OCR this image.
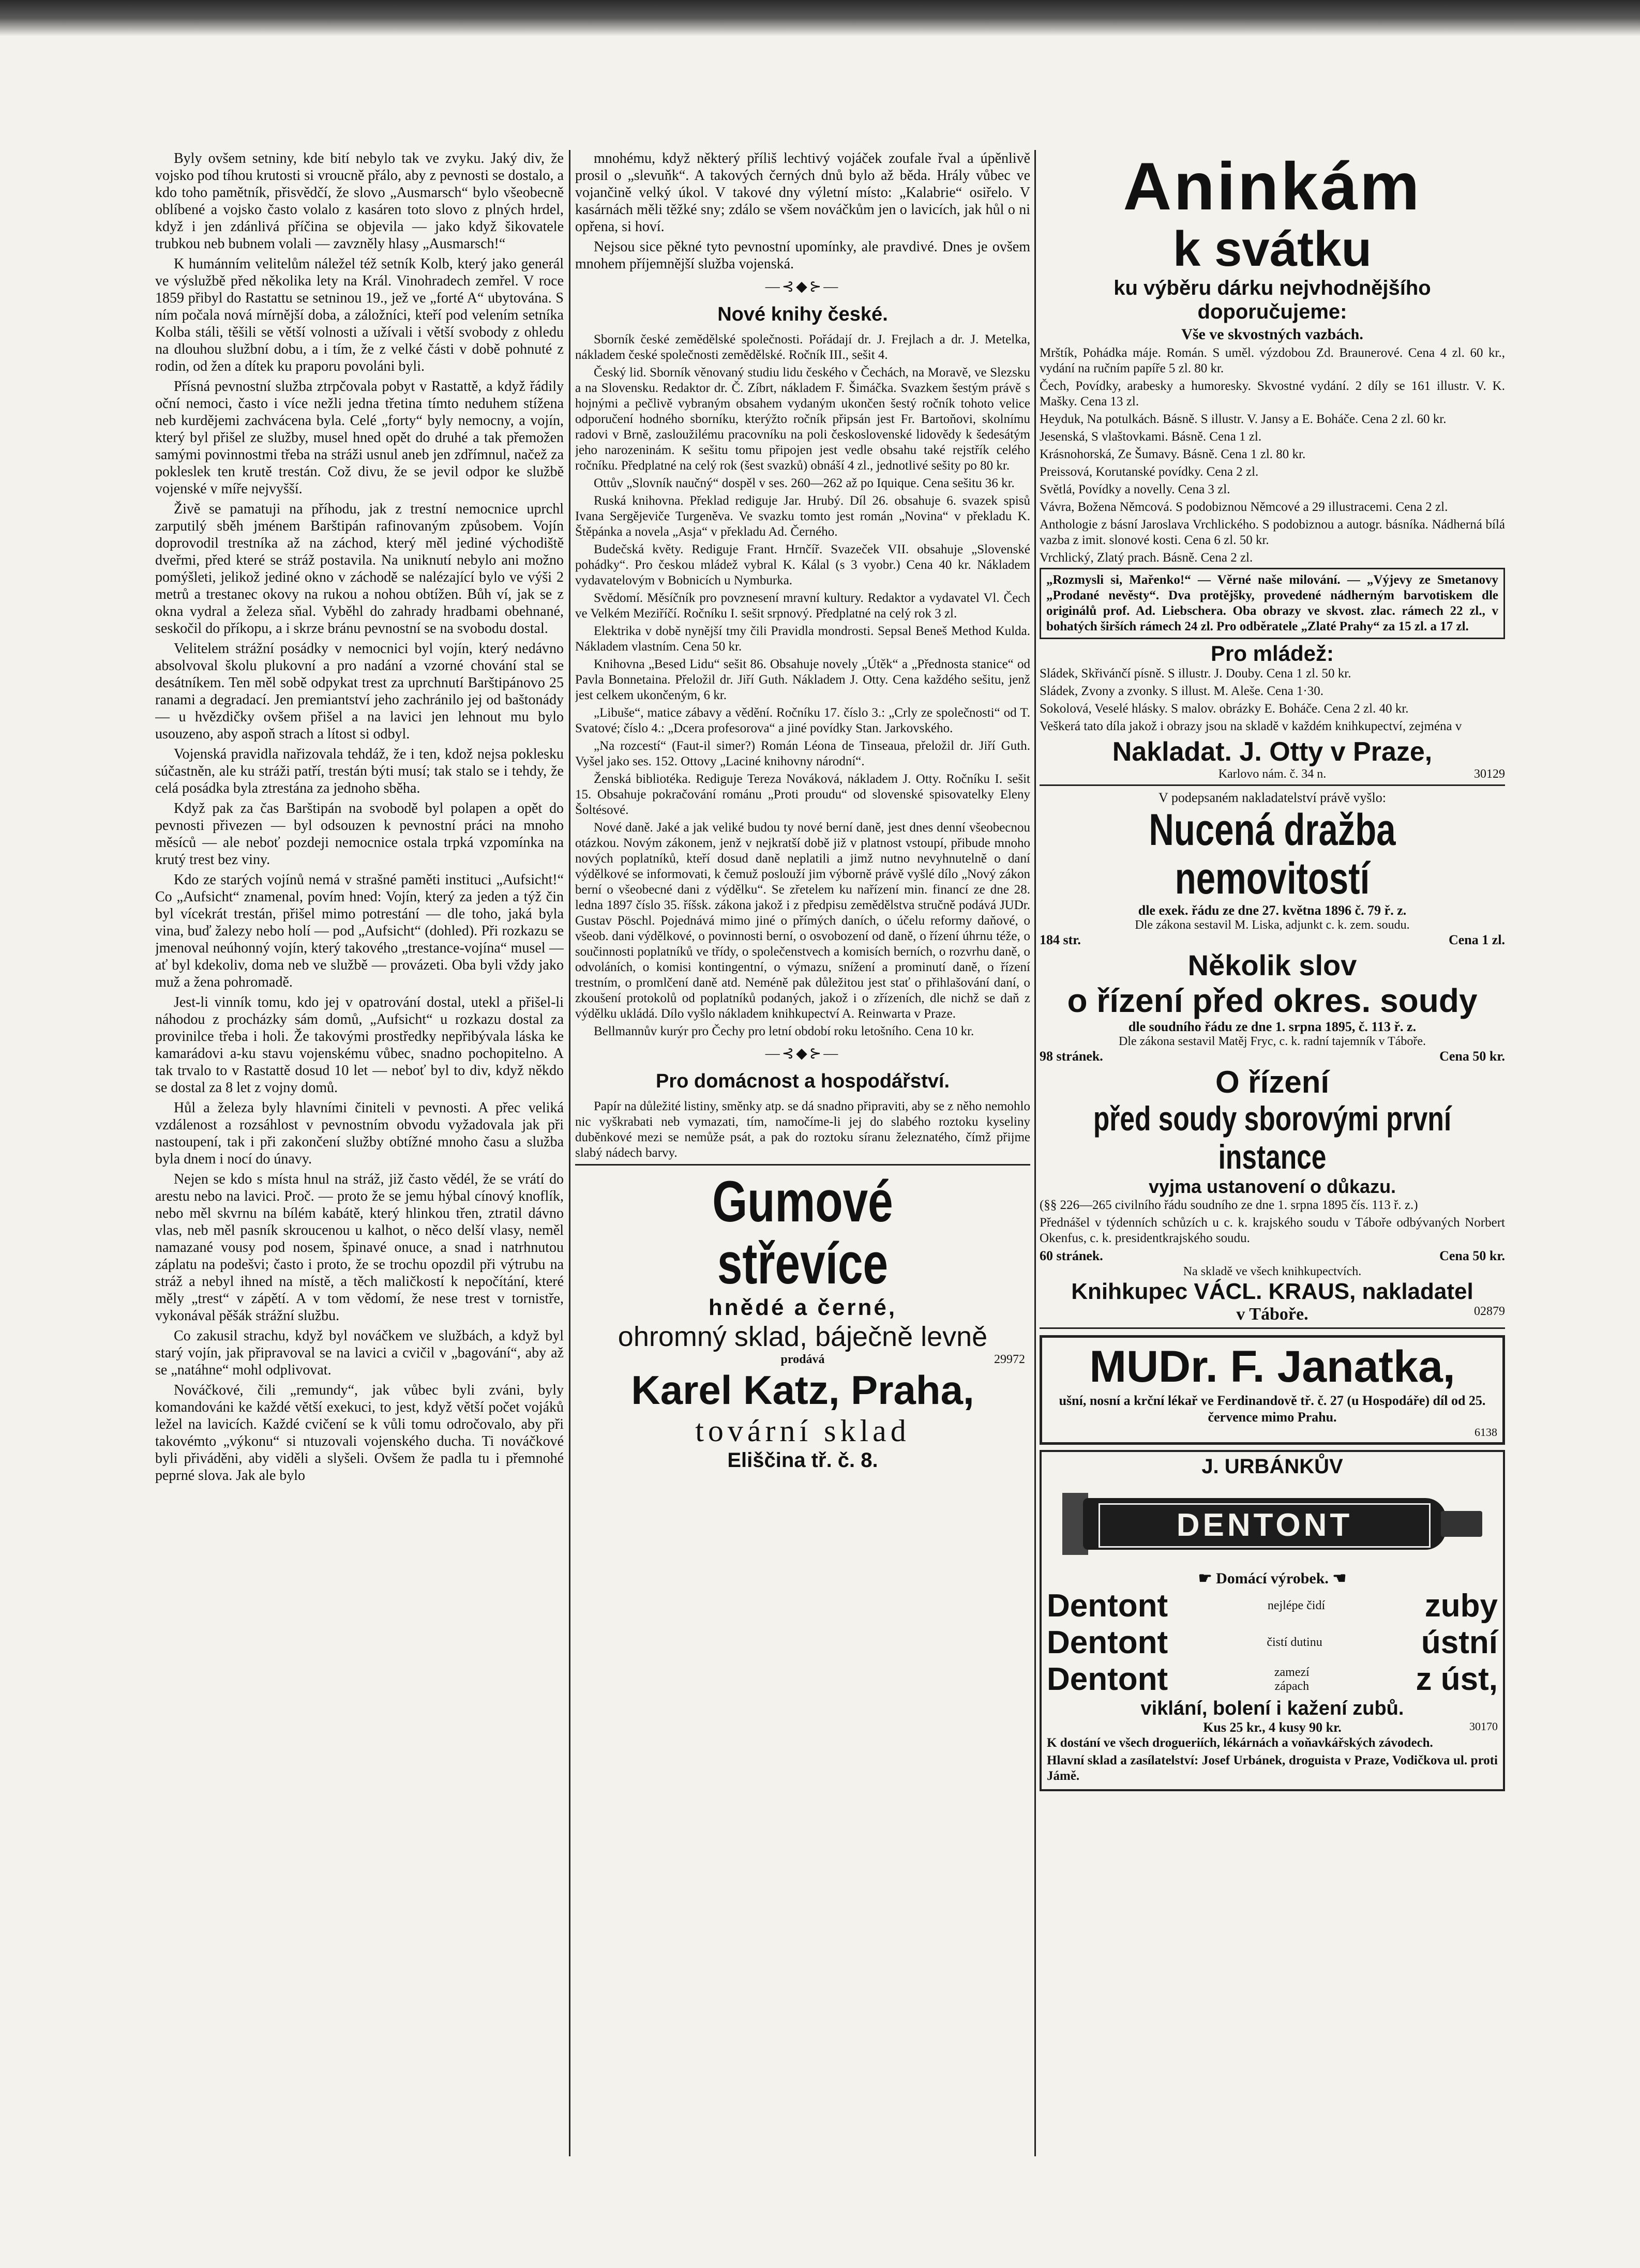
Byly ovšem setniny, kde bití nebylo tak ve zvyku. Jaký div, že vojsko pod tíhou krutosti si vroucně přálo, aby z pevnosti se dostalo, a kdo toho pamětník, přisvědčí, že slovo „Ausmarsch“ bylo všeobecně oblíbené a vojsko často volalo z kasáren toto slovo z plných hrdel, když i jen zdánlivá příčina se objevila — jako když šikovatele trubkou neb bubnem volali — zavzněly hlasy „Ausmarsch!“

K humánním velitelům náležel též setník Kolb, který jako generál ve výslužbě před několika lety na Král. Vinohradech zemřel. V roce 1859 přibyl do Rastattu se setninou 19., jež ve „forté A“ ubytována. S ním počala nová mírnější doba, a záložníci, kteří pod velením setníka Kolba stáli, těšili se větší volnosti a užívali i větší svobody z ohledu na dlouhou službní dobu, a i tím, že z velké části v době pohnuté z rodin, od žen a dítek ku praporu povoláni byli.

Přísná pevnostní služba ztrpčovala pobyt v Rastattě, a když řádily oční nemoci, často i více nežli jedna třetina tímto neduhem stížena neb kurdějemi zachvácena byla. Celé „forty“ byly nemocny, a vojín, který byl přišel ze služby, musel hned opět do druhé a tak přemožen samými povinnostmi třeba na stráži usnul aneb jen zdřímnul, načež za pokleslek ten krutě trestán. Což divu, že se jevil odpor ke službě vojenské v míře nejvyšší.

Živě se pamatuji na příhodu, jak z trestní nemocnice uprchl zarputilý sběh jménem Barštipán rafinovaným způsobem. Vojín doprovodil trestníka až na záchod, který měl jediné východiště dveřmi, před které se stráž postavila. Na uniknutí nebylo ani možno pomýšleti, jelikož jediné okno v záchodě se nalézající bylo ve výši 2 metrů a trestanec okovy na rukou a nohou obtížen. Bůh ví, jak se z okna vydral a železa sňal. Vyběhl do zahrady hradbami obehnané, seskočil do příkopu, a i skrze bránu pevnostní se na svobodu dostal.

Velitelem strážní posádky v nemocnici byl vojín, který nedávno absolvoval školu plukovní a pro nadání a vzorné chování stal se desátníkem. Ten měl sobě odpykat trest za uprchnutí Barštipánovo 25 ranami a degradací. Jen premiantství jeho zachránilo jej od baštonády — u hvězdičky ovšem přišel a na lavici jen lehnout mu bylo usouzeno, aby aspoň strach a lítost si odbyl.

Vojenská pravidla nařizovala tehdáž, že i ten, kdož nejsa poklesku súčastněn, ale ku stráži patří, trestán býti musí; tak stalo se i tehdy, že celá posádka byla ztrestána za jednoho sběha.

Když pak za čas Barštipán na svobodě byl polapen a opět do pevnosti přivezen — byl odsouzen k pevnostní práci na mnoho měsíců — ale neboť pozdeji nemocnice ostala trpká vzpomínka na krutý trest bez viny.

Kdo ze starých vojínů nemá v strašné paměti instituci „Aufsicht!“ Co „Aufsicht“ znamenal, povím hned: Vojín, který za jeden a týž čin byl vícekrát trestán, přišel mimo potrestání — dle toho, jaká byla vina, buď žalezy nebo holí — pod „Aufsicht“ (dohled). Při rozkazu se jmenoval neúhonný vojín, který takového „trestance-vojína“ musel — ať byl kdekoliv, doma neb ve službě — provázeti. Oba byli vždy jako muž a žena pohromadě.

Jest-li vinník tomu, kdo jej v opatrování dostal, utekl a přišel-li náhodou z procházky sám domů, „Aufsicht“ u rozkazu dostal za provinilce třeba i holi. Že takovými prostředky nepřibývala láska ke kamarádovi a-ku stavu vojenskému vůbec, snadno pochopitelno. A tak trvalo to v Rastattě dosud 10 let — neboť byl to div, když někdo se dostal za 8 let z vojny domů.

Hůl a železa byly hlavními činiteli v pevnosti. A přec veliká vzdálenost a rozsáhlost v pevnostním obvodu vyžadovala jak při nastoupení, tak i při zakončení služby obtížné mnoho času a služba byla dnem i nocí do únavy.

Nejen se kdo s místa hnul na stráž, již často vědél, že se vrátí do arestu nebo na lavici. Proč. — proto že se jemu hýbal cínový knoflík, nebo měl skvrnu na bílém kabátě, který hlinkou třen, ztratil dávno vlas, neb měl pasník skroucenou u kalhot, o něco delší vlasy, neměl namazané vousy pod nosem, špinavé onuce, a snad i natrhnutou záplatu na podešvi; často i proto, že se trochu opozdil při výtrubu na stráž a nebyl ihned na místě, a těch maličkostí k nepočítání, které měly „trest“ v zápětí. A v tom vědomí, že nese trest v tornistře, vykonával pěšák strážní službu.

Co zakusil strachu, když byl nováčkem ve službách, a když byl starý vojín, jak připravoval se na lavici a cvičil v „bagování“, aby až se „natáhne“ mohl odplivovat.

Nováčkové, čili „remundy“, jak vůbec byli zváni, byly komandováni ke každé větší exekuci, to jest, když větší počet vojáků ležel na lavicích. Každé cvičení se k vůli tomu odročovalo, aby při takovémto „výkonu“ si ntuzovali vojenského ducha. Ti nováčkové byli přiváděni, aby viděli a slyšeli. Ovšem že padla tu i přemnohé peprné slova. Jak ale bylo

mnohému, když některý příliš lechtivý vojáček zoufale řval a úpěnlivě prosil o „slevuňk“. A takových černých dnů bylo až běda. Hrály vůbec ve vojančině velký úkol. V takové dny výletní místo: „Kalabrie“ osiřelo. V kasárnách měli těžké sny; zdálo se všem nováčkům jen o lavicích, jak hůl o ni opřena, si hoví.

Nejsou sice pěkné tyto pevnostní upomínky, ale pravdivé. Dnes je ovšem mnohem příjemnější služba vojenská.

—⊰◆⊱—
Nové knihy české.

Sborník české zemědělské společnosti. Pořádají dr. J. Frejlach a dr. J. Metelka, nákladem české společnosti zemědělské. Ročník III., sešit 4.

Český lid. Sborník věnovaný studiu lidu českého v Čechách, na Moravě, ve Slezsku a na Slovensku. Redaktor dr. Č. Zíbrt, nákladem F. Šimáčka. Svazkem šestým právě s hojnými a pečlivě vybraným obsahem vydaným ukončen šestý ročník tohoto velice odporučení hodného sborníku, kterýžto ročník připsán jest Fr. Bartoňovi, skolnímu radovi v Brně, zasloužilému pracovníku na poli československé lidovědy k šedesátým jeho narozeninám. K sešitu tomu připojen jest vedle obsahu také rejstřík celého ročníku. Předplatné na celý rok (šest svazků) obnáší 4 zl., jednotlivé sešity po 80 kr.

Ottův „Slovník naučný“ dospěl v ses. 260—262 až po Iquique. Cena sešitu 36 kr.

Ruská knihovna. Překlad rediguje Jar. Hrubý. Díl 26. obsahuje 6. svazek spisů Ivana Sergějeviče Turgeněva. Ve svazku tomto jest román „Novina“ v překladu K. Štěpánka a novela „Asja“ v překladu Ad. Černého.

Budečská květy. Rediguje Frant. Hrnčíř. Svazeček VII. obsahuje „Slovenské pohádky“. Pro českou mládež vybral K. Kálal (s 3 vyobr.) Cena 40 kr. Nákladem vydavatelovým v Bobnicích u Nymburka.

Svědomí. Měsíčník pro povznesení mravní kultury. Redaktor a vydavatel Vl. Čech ve Velkém Meziříčí. Ročníku I. sešit srpnový. Předplatné na celý rok 3 zl.

Elektrika v době nynější tmy čili Pravidla mondrosti. Sepsal Beneš Method Kulda. Nákladem vlastním. Cena 50 kr.

Knihovna „Besed Lidu“ sešit 86. Obsahuje novely „Útěk“ a „Přednosta stanice“ od Pavla Bonnetaina. Přeložil dr. Jiří Guth. Nákladem J. Otty. Cena každého sešitu, jenž jest celkem ukončeným, 6 kr.

„Libuše“, matice zábavy a vědění. Ročníku 17. číslo 3.: „Crly ze společnosti“ od T. Svatové; číslo 4.: „Dcera profesorova“ a jiné povídky Stan. Jarkovského.

„Na rozcestí“ (Faut-il simer?) Román Léona de Tinseaua, přeložil dr. Jiří Guth. Vyšel jako ses. 152. Ottovy „Laciné knihovny národní“.

Ženská bibliotéka. Rediguje Tereza Nováková, nákladem J. Otty. Ročníku I. sešit 15. Obsahuje pokračování románu „Proti proudu“ od slovenské spisovatelky Eleny Šoltésové.

Nové daně. Jaké a jak veliké budou ty nové berní daně, jest dnes denní všeobecnou otázkou. Novým zákonem, jenž v nejkratší době již v platnost vstoupí, přibude mnoho nových poplatníků, kteří dosud daně neplatili a jimž nutno nevyhnutelně o daní výdělkové se informovati, k čemuž poslouží jim výborně právě vyšlé dílo „Nový zákon berní o všeobecné dani z výdělku“. Se zřetelem ku nařízení min. financí ze dne 28. ledna 1897 číslo 35. říšsk. zákona jakož i z předpisu zemědělstva stručně podává JUDr. Gustav Pöschl. Pojednává mimo jiné o přímých daních, o účelu reformy daňové, o všeob. dani výdělkové, o povinnosti berní, o osvobození od daně, o řízení úhrnu téže, o součinnosti poplatníků ve třídy, o společenstvech a komisích berních, o rozvrhu daně, o odvoláních, o komisi kontingentní, o výmazu, snížení a prominutí daně, o řízení trestním, o promlčení daně atd. Neméně pak důležitou jest stať o přihlašování daní, o zkoušení protokolů od poplatníků podaných, jakož i o zřízeních, dle nichž se daň z výdělku ukládá. Dílo vyšlo nákladem knihkupectví A. Reinwarta v Praze.

Bellmannův kurýr pro Čechy pro letní období roku letošního. Cena 10 kr.

—⊰◆⊱—
Pro domácnost a hospodářství.

Papír na důležité listiny, směnky atp. se dá snadno připraviti, aby se z něho nemohlo nic vyškrabati neb vymazati, tím, namočíme-li jej do slabého roztoku kyseliny duběnkové mezi se nemůže psát, a pak do roztoku síranu železnatého, čímž přijme slabý nádech barvy.

Gumové střevíce
hnědé a černé,
ohromný sklad, báječně levně
prodává	29972
Karel Katz, Praha,
tovární sklad
Eliščina tř. č. 8.
Aninkám
k svátku
ku výběru dárku nejvhodnějšího doporučujeme:
Vše ve skvostných vazbách.
Mrštík, Pohádka máje. Román. S uměl. výzdobou Zd. Braunerové. Cena 4 zl. 60 kr., vydání na ručním papíře 5 zl. 80 kr.
Čech, Povídky, arabesky a humoresky. Skvostné vydání. 2 díly se 161 illustr. V. K. Mašky. Cena 13 zl.
Heyduk, Na potulkách. Básně. S illustr. V. Jansy a E. Boháče. Cena 2 zl. 60 kr.
Jesenská, S vlaštovkami. Básně. Cena 1 zl.
Krásnohorská, Ze Šumavy. Básně. Cena 1 zl. 80 kr.
Preissová, Korutanské povídky. Cena 2 zl.
Světlá, Povídky a novelly. Cena 3 zl.
Vávra, Božena Němcová. S podobiznou Němcové a 29 illustracemi. Cena 2 zl.
Anthologie z básní Jaroslava Vrchlického. S podobiznou a autogr. básníka. Nádherná bílá vazba z imit. slonové kosti. Cena 6 zl. 50 kr.
Vrchlický, Zlatý prach. Básně. Cena 2 zl.
„Rozmysli si, Mařenko!“ — Věrné naše milování. — „Výjevy ze Smetanovy „Prodané nevěsty“. Dva protějšky, provedené nádherným barvotiskem dle originálů prof. Ad. Liebschera. Oba obrazy ve skvost. zlac. rámech 22 zl., v bohatých širších rámech 24 zl. Pro odběratele „Zlaté Prahy“ za 15 zl. a 17 zl.
Pro mládež:
Sládek, Skřivánčí písně. S illustr. J. Douby. Cena 1 zl. 50 kr.
Sládek, Zvony a zvonky. S illust. M. Aleše. Cena 1·30.
Sokolová, Veselé hlásky. S malov. obrázky E. Boháče. Cena 2 zl. 40 kr.
Veškerá tato díla jakož i obrazy jsou na skladě v každém knihkupectví, zejména v
Nakladat. J. Otty v Praze,
Karlovo nám. č. 34 n.	30129
V podepsaném nakladatelství právě vyšlo:
Nucená dražba nemovitostí
dle exek. řádu ze dne 27. května 1896 č. 79 ř. z.
Dle zákona sestavil M. Liska, adjunkt c. k. zem. soudu.
184 str.	Cena 1 zl.
Několik slov
o řízení před okres. soudy
dle soudního řádu ze dne 1. srpna 1895, č. 113 ř. z.
Dle zákona sestavil Matěj Fryc, c. k. radní tajemník v Táboře.
98 stránek.	Cena 50 kr.
O řízení
před soudy sborovými první instance
vyjma ustanovení o důkazu.
(§§ 226—265 civilního řádu soudního ze dne 1. srpna 1895 čís. 113 ř. z.)
Přednášel v týdenních schůzích u c. k. krajského soudu v Táboře odbývaných Norbert Okenfus, c. k. presidentkrajského soudu.
60 stránek.	Cena 50 kr.
Na skladě ve všech knihkupectvích.
Knihkupec VÁCL. KRAUS, nakladatel
v Táboře.	02879
MUDr. F. Janatka,
ušní, nosní a krční lékař ve Ferdinandově tř. č. 27 (u Hospodáře) díl od 25. července mimo Prahu.
6138
J. URBÁNKŮV
DENTONT
☛ Domácí výrobek. ☚
Dentont	nejlépe čidí	zuby
Dentont	čistí dutinu	ústní
Dentont	zamezí zápach	z úst,
viklání, bolení i kažení zubů.
Kus 25 kr., 4 kusy 90 kr.	30170
K dostání ve všech drogueriích, lékárnách a voňavkářských závodech.
Hlavní sklad a zasílatelství: Josef Urbánek, droguista v Praze, Vodičkova ul. proti Jámě.
